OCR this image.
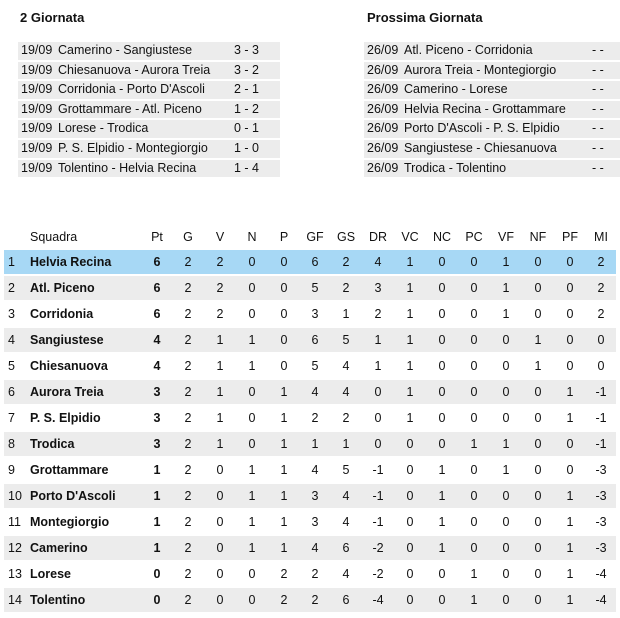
2 Giornata	Prossima Giornata
19/09	Camerino - Sangiustese	3 - 3
19/09	Chiesanuova - Aurora Treia	3 - 2
19/09	Corridonia - Porto D'Ascoli	2 - 1
19/09	Grottammare - Atl. Piceno	1 - 2
19/09	Lorese - Trodica	0 - 1
19/09	P. S. Elpidio - Montegiorgio	1 - 0
19/09	Tolentino - Helvia Recina	1 - 4
26/09	Atl. Piceno - Corridonia	- -
26/09	Aurora Treia - Montegiorgio	- -
26/09	Camerino - Lorese	- -
26/09	Helvia Recina - Grottammare	- -
26/09	Porto D'Ascoli - P. S. Elpidio	- -
26/09	Sangiustese - Chiesanuova	- -
26/09	Trodica - Tolentino	- -
	Squadra	Pt	G	V	N	P	GF	GS	DR	VC	NC	PC	VF	NF	PF	MI
1	Helvia Recina	6	2	2	0	0	6	2	4	1	0	0	1	0	0	2
2	Atl. Piceno	6	2	2	0	0	5	2	3	1	0	0	1	0	0	2
3	Corridonia	6	2	2	0	0	3	1	2	1	0	0	1	0	0	2
4	Sangiustese	4	2	1	1	0	6	5	1	1	0	0	0	1	0	0
5	Chiesanuova	4	2	1	1	0	5	4	1	1	0	0	0	1	0	0
6	Aurora Treia	3	2	1	0	1	4	4	0	1	0	0	0	0	1	-1
7	P. S. Elpidio	3	2	1	0	1	2	2	0	1	0	0	0	0	1	-1
8	Trodica	3	2	1	0	1	1	1	0	0	0	1	1	0	0	-1
9	Grottammare	1	2	0	1	1	4	5	-1	0	1	0	1	0	0	-3
10	Porto D'Ascoli	1	2	0	1	1	3	4	-1	0	1	0	0	0	1	-3
11	Montegiorgio	1	2	0	1	1	3	4	-1	0	1	0	0	0	1	-3
12	Camerino	1	2	0	1	1	4	6	-2	0	1	0	0	0	1	-3
13	Lorese	0	2	0	0	2	2	4	-2	0	0	1	0	0	1	-4
14	Tolentino	0	2	0	0	2	2	6	-4	0	0	1	0	0	1	-4
